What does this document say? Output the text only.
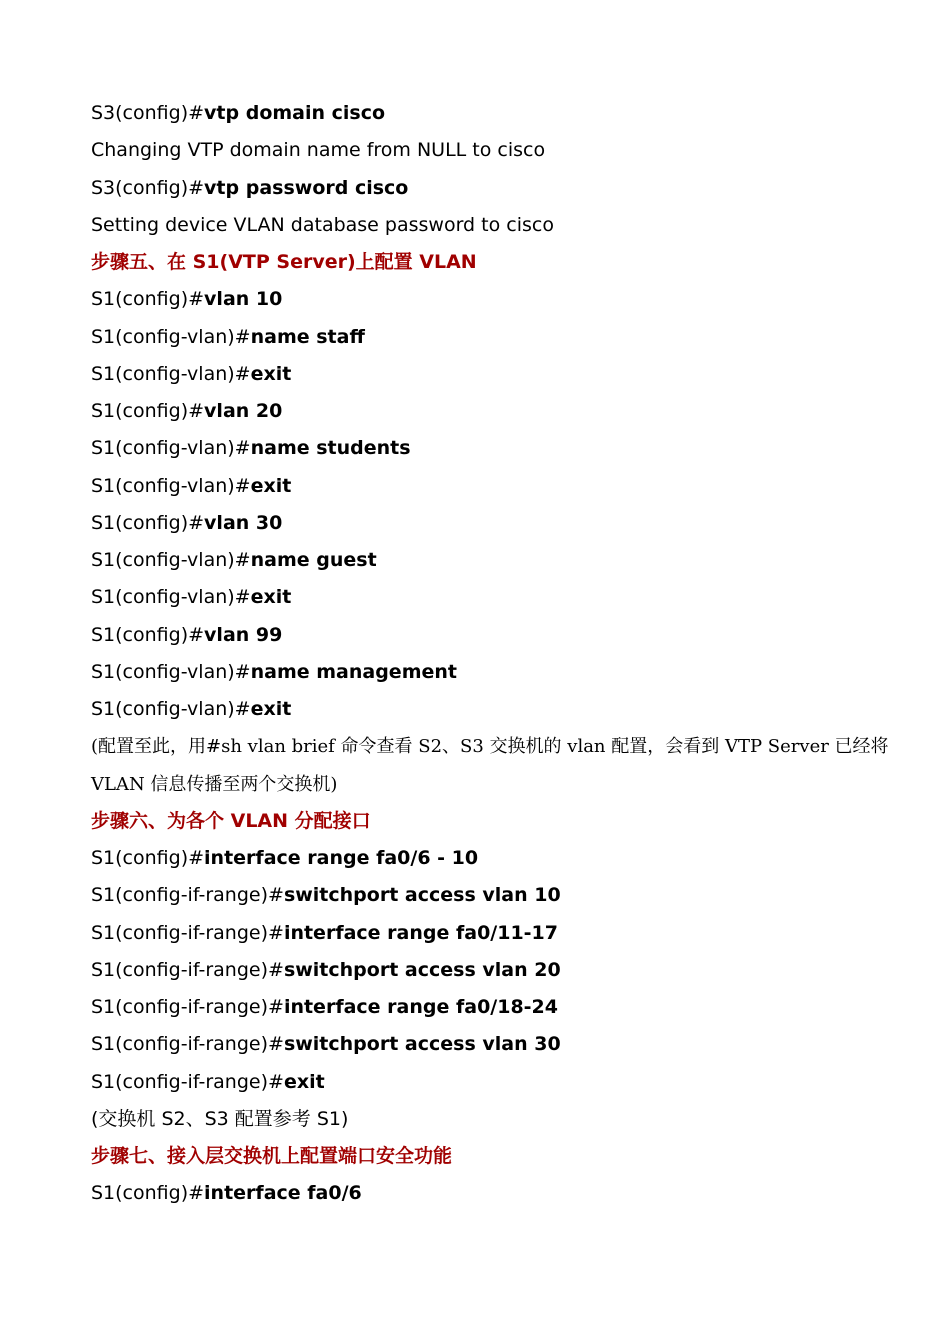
S3(config)#vtp domain cisco
Changing VTP domain name from NULL to cisco
S3(config)#vtp password cisco
Setting device VLAN database password to cisco
步骤五、在 S1(VTP Server)上配置 VLAN
S1(config)#vlan 10
S1(config-vlan)#name staff
S1(config-vlan)#exit
S1(config)#vlan 20
S1(config-vlan)#name students
S1(config-vlan)#exit
S1(config)#vlan 30
S1(config-vlan)#name guest
S1(config-vlan)#exit
S1(config)#vlan 99
S1(config-vlan)#name management
S1(config-vlan)#exit
(配置至此，用#sh vlan brief 命令查看 S2、S3 交换机的 vlan 配置，会看到 VTP Server 已经将
VLAN 信息传播至两个交换机)
步骤六、为各个 VLAN 分配接口
S1(config)#interface range fa0/6 - 10
S1(config-if-range)#switchport access vlan 10
S1(config-if-range)#interface range fa0/11-17
S1(config-if-range)#switchport access vlan 20
S1(config-if-range)#interface range fa0/18-24
S1(config-if-range)#switchport access vlan 30
S1(config-if-range)#exit
(交换机 S2、S3 配置参考 S1)
步骤七、接入层交换机上配置端口安全功能
S1(config)#interface fa0/6
